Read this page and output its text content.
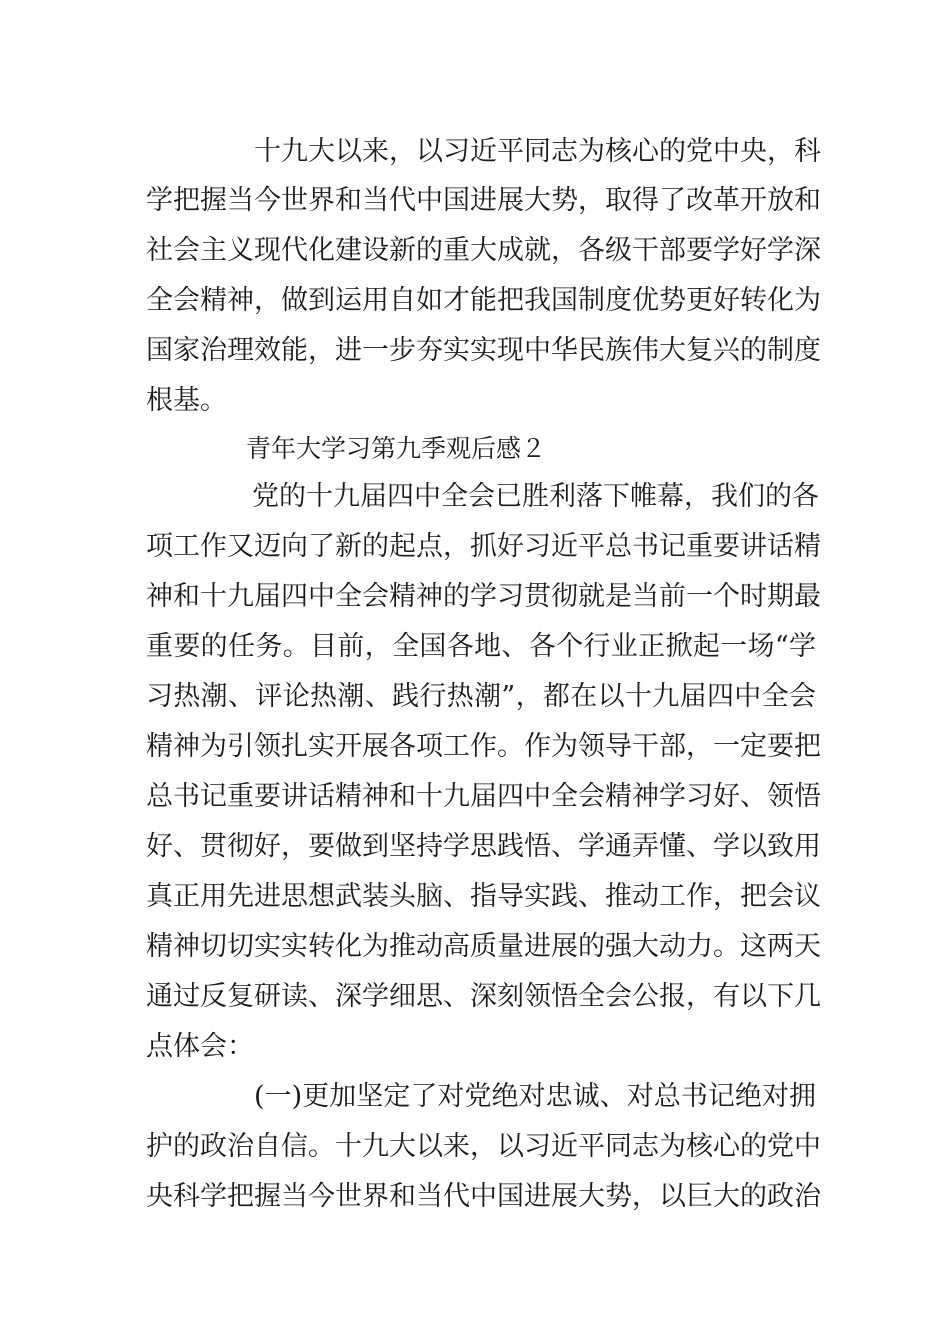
十九大以来，以习近平同志为核心的党中央，科
学把握当今世界和当代中国进展大势，取得了改革开放和
社会主义现代化建设新的重大成就，各级干部要学好学深
全会精神，做到运用自如才能把我国制度优势更好转化为
国家治理效能，进一步夯实实现中华民族伟大复兴的制度
根基。
青年大学习第九季观后感２
党的十九届四中全会已胜利落下帷幕，我们的各
项工作又迈向了新的起点，抓好习近平总书记重要讲话精
神和十九届四中全会精神的学习贯彻就是当前一个时期最
重要的任务。目前，全国各地、各个行业正掀起一场“学
习热潮、评论热潮、践行热潮”，都在以十九届四中全会
精神为引领扎实开展各项工作。作为领导干部，一定要把
总书记重要讲话精神和十九届四中全会精神学习好、领悟
好、贯彻好，要做到坚持学思践悟、学通弄懂、学以致用
真正用先进思想武装头脑、指导实践、推动工作，把会议
精神切切实实转化为推动高质量进展的强大动力。这两天
通过反复研读、深学细思、深刻领悟全会公报，有以下几
点体会：
(一)更加坚定了对党绝对忠诚、对总书记绝对拥
护的政治自信。十九大以来，以习近平同志为核心的党中
央科学把握当今世界和当代中国进展大势，以巨大的政治
